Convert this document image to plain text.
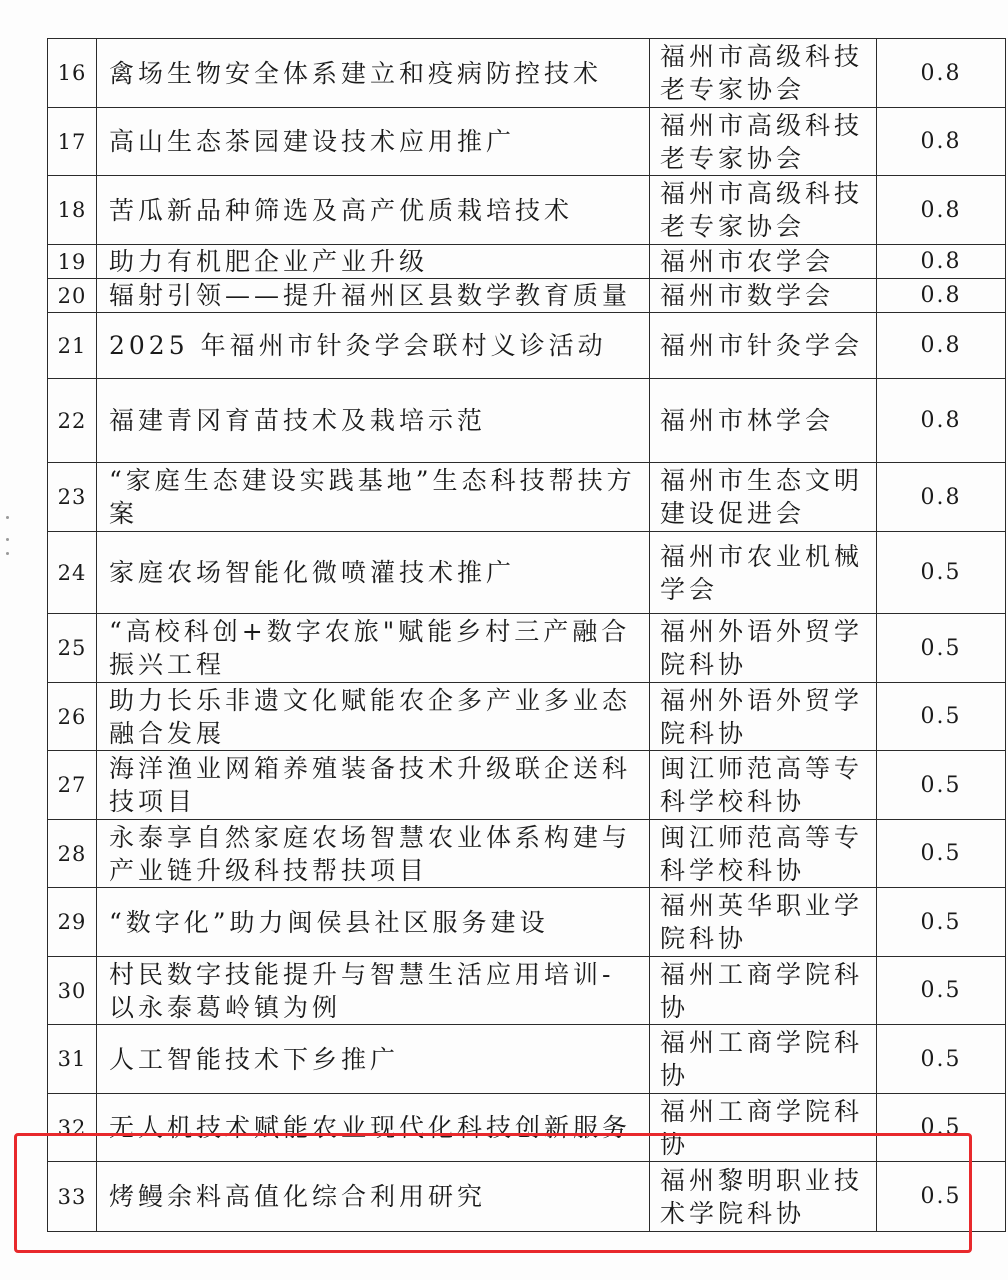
16	禽场生物安全体系建立和疫病防控技术	福州市高级科技老专家协会	0.8
17	高山生态茶园建设技术应用推广	福州市高级科技老专家协会	0.8
18	苦瓜新品种筛选及高产优质栽培技术	福州市高级科技老专家协会	0.8
19	助力有机肥企业产业升级	福州市农学会	0.8
20	辐射引领——提升福州区县数学教育质量	福州市数学会	0.8
21	2025 年福州市针灸学会联村义诊活动	福州市针灸学会	0.8
22	福建青冈育苗技术及栽培示范	福州市林学会	0.8
23	“家庭生态建设实践基地”生态科技帮扶方案	福州市生态文明建设促进会	0.8
24	家庭农场智能化微喷灌技术推广	福州市农业机械学会	0.5
25	“高校科创+数字农旅"赋能乡村三产融合振兴工程	福州外语外贸学院科协	0.5
26	助力长乐非遗文化赋能农企多产业多业态融合发展	福州外语外贸学院科协	0.5
27	海洋渔业网箱养殖装备技术升级联企送科技项目	闽江师范高等专科学校科协	0.5
28	永泰享自然家庭农场智慧农业体系构建与产业链升级科技帮扶项目	闽江师范高等专科学校科协	0.5
29	“数字化”助力闽侯县社区服务建设	福州英华职业学院科协	0.5
30	村民数字技能提升与智慧生活应用培训-以永泰葛岭镇为例	福州工商学院科协	0.5
31	人工智能技术下乡推广	福州工商学院科协	0.5
32	无人机技术赋能农业现代化科技创新服务	福州工商学院科协	0.5
33	烤鳗余料高值化综合利用研究	福州黎明职业技术学院科协	0.5
